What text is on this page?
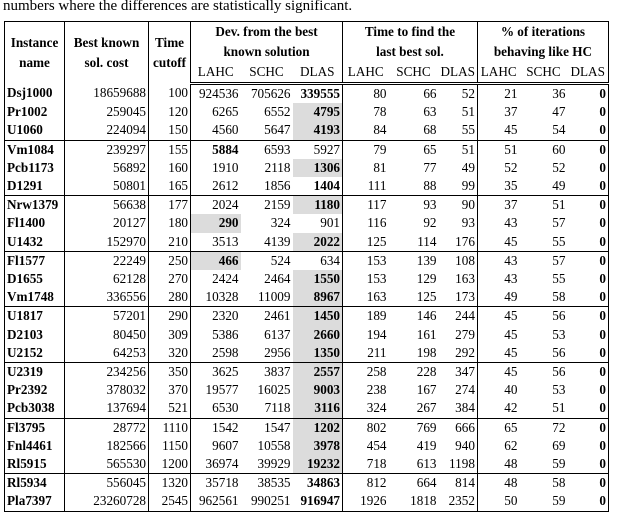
numbers where the differences are statistically significant.
Instance
name	Best known
sol. cost	Time
cutoff	Dev. from the best
known solution			Time to find the
last best sol.			% of iterations
behaving like HC		
			LAHC	SCHC	DLAS	LAHC	SCHC	DLAS	LAHC	SCHC	DLAS
Dsj1000	18659688	100	924536	705626	339555	80	66	52	21	36	0
Pr1002	259045	120	6265	6552	4795	78	63	51	37	47	0
U1060	224094	150	4560	5647	4193	84	68	55	45	54	0
Vm1084	239297	155	5884	6593	5927	79	65	51	51	60	0
Pcb1173	56892	160	1910	2118	1306	81	77	49	52	52	0
D1291	50801	165	2612	1856	1404	111	88	99	35	49	0
Nrw1379	56638	177	2024	2159	1180	117	93	90	37	51	0
Fl1400	20127	180	290	324	901	116	92	93	43	57	0
U1432	152970	210	3513	4139	2022	125	114	176	45	55	0
Fl1577	22249	250	466	524	634	153	139	108	43	57	0
D1655	62128	270	2424	2464	1550	153	129	163	43	55	0
Vm1748	336556	280	10328	11009	8967	163	125	173	49	58	0
U1817	57201	290	2320	2461	1450	189	146	244	45	56	0
D2103	80450	309	5386	6137	2660	194	161	279	45	53	0
U2152	64253	320	2598	2956	1350	211	198	292	45	56	0
U2319	234256	350	3625	3837	2557	258	228	347	45	56	0
Pr2392	378032	370	19577	16025	9003	238	167	274	40	53	0
Pcb3038	137694	521	6530	7118	3116	324	267	384	42	51	0
Fl3795	28772	1110	1542	1547	1202	802	769	666	65	72	0
Fnl4461	182566	1150	9607	10558	3978	454	419	940	62	69	0
Rl5915	565530	1200	36974	39929	19232	718	613	1198	48	59	0
Rl5934	556045	1320	35718	38535	34863	812	664	814	48	58	0
Pla7397	23260728	2545	962561	990251	916947	1926	1818	2352	50	59	0
